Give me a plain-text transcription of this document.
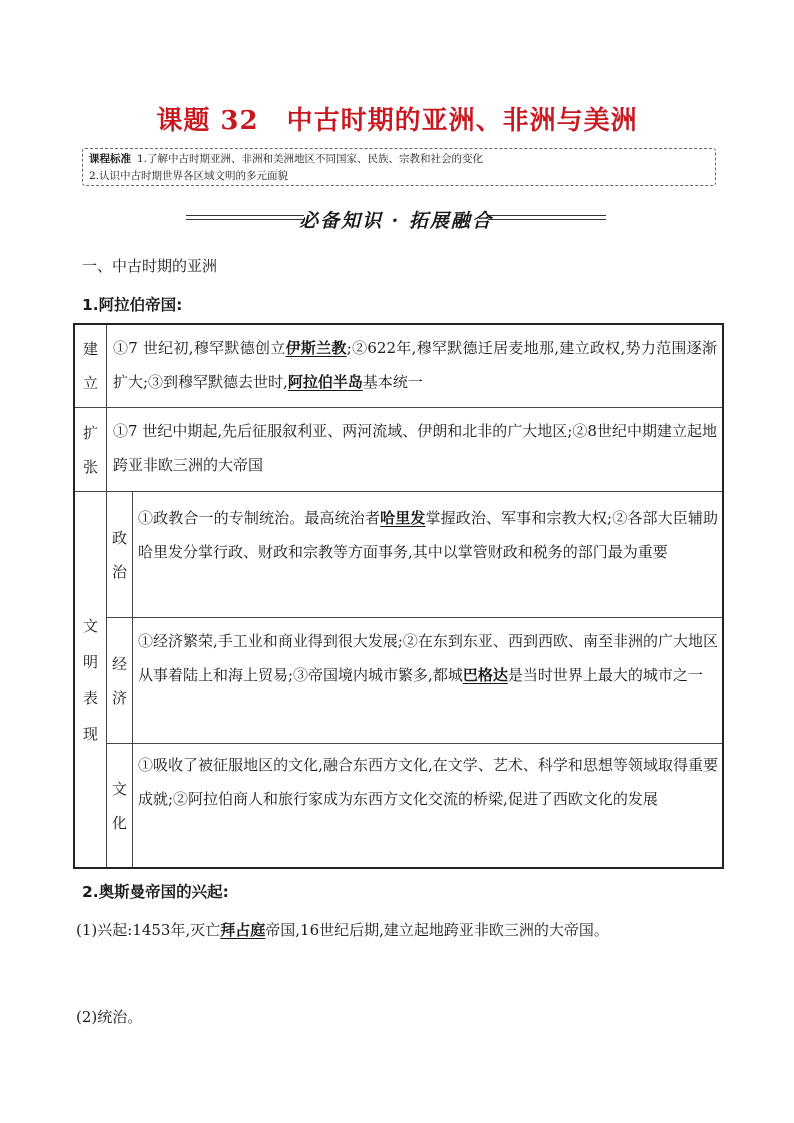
课题 32 中古时期的亚洲、非洲与美洲
课程标准 1.了解中古时期亚洲、非洲和美洲地区不同国家、民族、宗教和社会的变化
2.认识中古时期世界各区域文明的多元面貌
必备知识 · 拓展融合
一、中古时期的亚洲
1.阿拉伯帝国:
建
立
①7 世纪初,穆罕默德创立伊斯兰教;②622年,穆罕默德迁居麦地那,建立政权,势力范围逐渐扩大;③到穆罕默德去世时,阿拉伯半岛基本统一
扩
张
①7 世纪中期起,先后征服叙利亚、两河流域、伊朗和北非的广大地区;②8世纪中期建立起地跨亚非欧三洲的大帝国
文
明
表
现
政
治
①政教合一的专制统治。最高统治者哈里发掌握政治、军事和宗教大权;②各部大臣辅助哈里发分掌行政、财政和宗教等方面事务,其中以掌管财政和税务的部门最为重要
经
济
①经济繁荣,手工业和商业得到很大发展;②在东到东亚、西到西欧、南至非洲的广大地区从事着陆上和海上贸易;③帝国境内城市繁多,都城巴格达是当时世界上最大的城市之一
文
化
①吸收了被征服地区的文化,融合东西方文化,在文学、艺术、科学和思想等领域取得重要成就;②阿拉伯商人和旅行家成为东西方文化交流的桥梁,促进了西欧文化的发展
2.奥斯曼帝国的兴起:
(1)兴起:1453年,灭亡拜占庭帝国,16世纪后期,建立起地跨亚非欧三洲的大帝国。
(2)统治。
